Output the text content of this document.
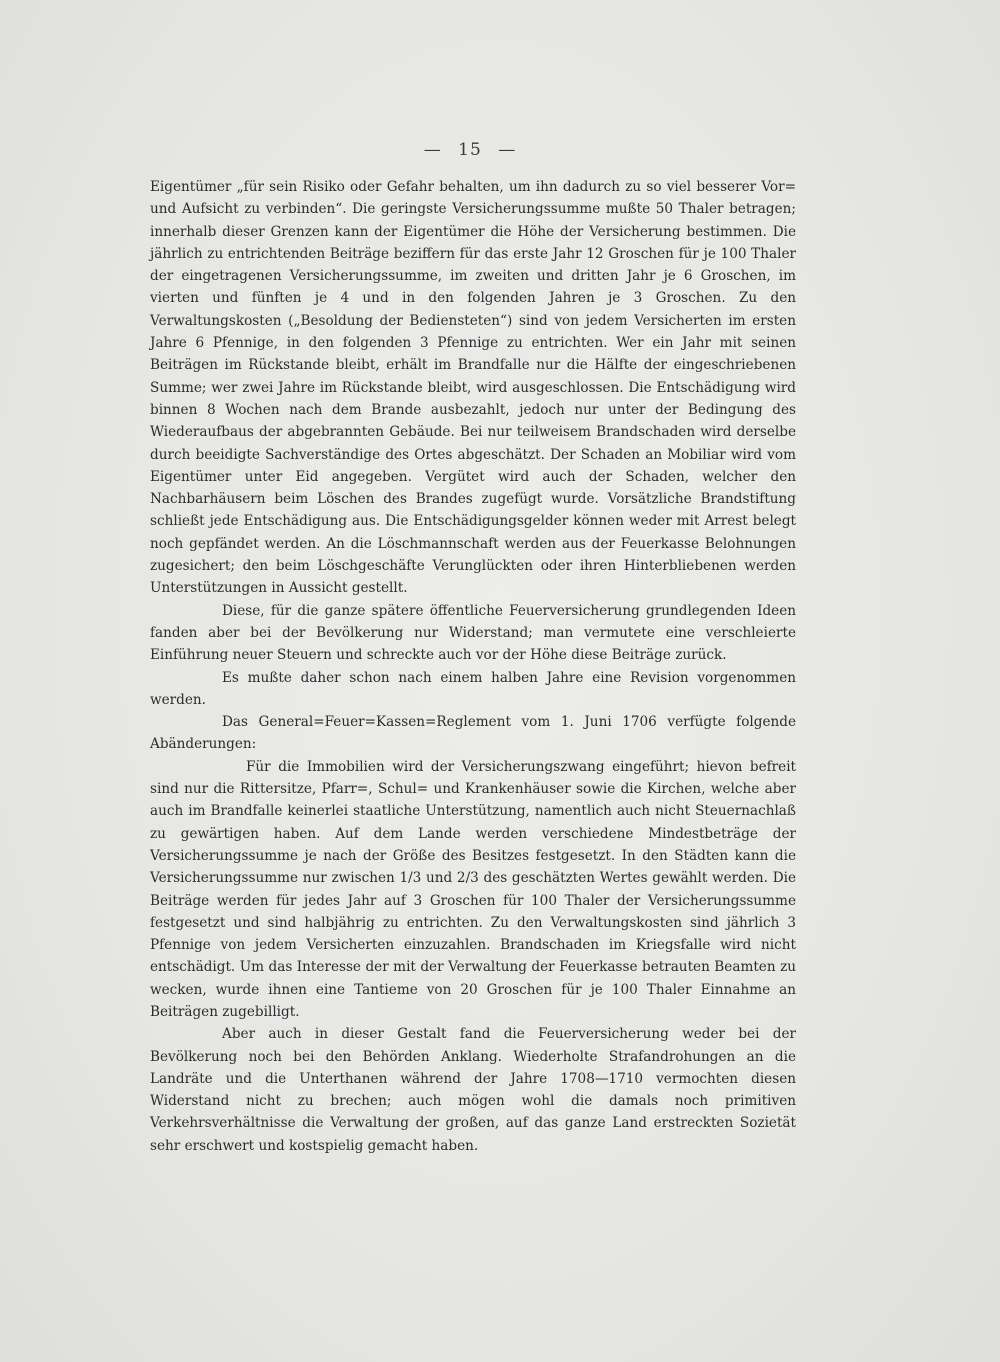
— 15 —

Eigentümer „für sein Risiko oder Gefahr behalten, um ihn dadurch zu so viel besserer Vor= und Aufsicht zu verbinden“. Die geringste Versicherungssumme mußte 50 Thaler betragen; innerhalb dieser Grenzen kann der Eigentümer die Höhe der Versicherung bestimmen. Die jährlich zu entrichtenden Beiträge beziffern für das erste Jahr 12 Groschen für je 100 Thaler der eingetragenen Versicherungssumme, im zweiten und dritten Jahr je 6 Groschen, im vierten und fünften je 4 und in den folgenden Jahren je 3 Groschen. Zu den Verwaltungskosten („Besoldung der Bediensteten“) sind von jedem Versicherten im ersten Jahre 6 Pfennige, in den folgenden 3 Pfennige zu entrichten. Wer ein Jahr mit seinen Beiträgen im Rückstande bleibt, erhält im Brandfalle nur die Hälfte der eingeschriebenen Summe; wer zwei Jahre im Rückstande bleibt, wird ausgeschlossen. Die Entschädigung wird binnen 8 Wochen nach dem Brande ausbezahlt, jedoch nur unter der Bedingung des Wiederaufbaus der abgebrannten Gebäude. Bei nur teilweisem Brandschaden wird derselbe durch beeidigte Sachverständige des Ortes abgeschätzt. Der Schaden an Mobiliar wird vom Eigentümer unter Eid angegeben. Vergütet wird auch der Schaden, welcher den Nachbarhäusern beim Löschen des Brandes zugefügt wurde. Vorsätzliche Brandstiftung schließt jede Entschädigung aus. Die Entschädigungsgelder können weder mit Arrest belegt noch gepfändet werden. An die Löschmannschaft werden aus der Feuerkasse Belohnungen zugesichert; den beim Löschgeschäfte Verunglückten oder ihren Hinterbliebenen werden Unterstützungen in Aussicht gestellt.

Diese, für die ganze spätere öffentliche Feuerversicherung grundlegenden Ideen fanden aber bei der Bevölkerung nur Widerstand; man vermutete eine verschleierte Einführung neuer Steuern und schreckte auch vor der Höhe diese Beiträge zurück.

Es mußte daher schon nach einem halben Jahre eine Revision vorgenommen werden.

Das General=Feuer=Kassen=Reglement vom 1. Juni 1706 verfügte folgende Abänderungen:

Für die Immobilien wird der Versicherungszwang eingeführt; hievon befreit sind nur die Rittersitze, Pfarr=, Schul= und Krankenhäuser sowie die Kirchen, welche aber auch im Brandfalle keinerlei staatliche Unterstützung, namentlich auch nicht Steuernachlaß zu gewärtigen haben. Auf dem Lande werden verschiedene Mindestbeträge der Versicherungssumme je nach der Größe des Besitzes festgesetzt. In den Städten kann die Versicherungssumme nur zwischen 1/3 und 2/3 des geschätzten Wertes gewählt werden. Die Beiträge werden für jedes Jahr auf 3 Groschen für 100 Thaler der Versicherungssumme festgesetzt und sind halbjährig zu entrichten. Zu den Verwaltungskosten sind jährlich 3 Pfennige von jedem Versicherten einzuzahlen. Brandschaden im Kriegsfalle wird nicht entschädigt. Um das Interesse der mit der Verwaltung der Feuerkasse betrauten Beamten zu wecken, wurde ihnen eine Tantieme von 20 Groschen für je 100 Thaler Einnahme an Beiträgen zugebilligt.

Aber auch in dieser Gestalt fand die Feuerversicherung weder bei der Bevölkerung noch bei den Behörden Anklang. Wiederholte Strafandrohungen an die Landräte und die Unterthanen während der Jahre 1708—1710 vermochten diesen Widerstand nicht zu brechen; auch mögen wohl die damals noch primitiven Verkehrsverhältnisse die Verwaltung der großen, auf das ganze Land erstreckten Sozietät sehr erschwert und kostspielig gemacht haben.
